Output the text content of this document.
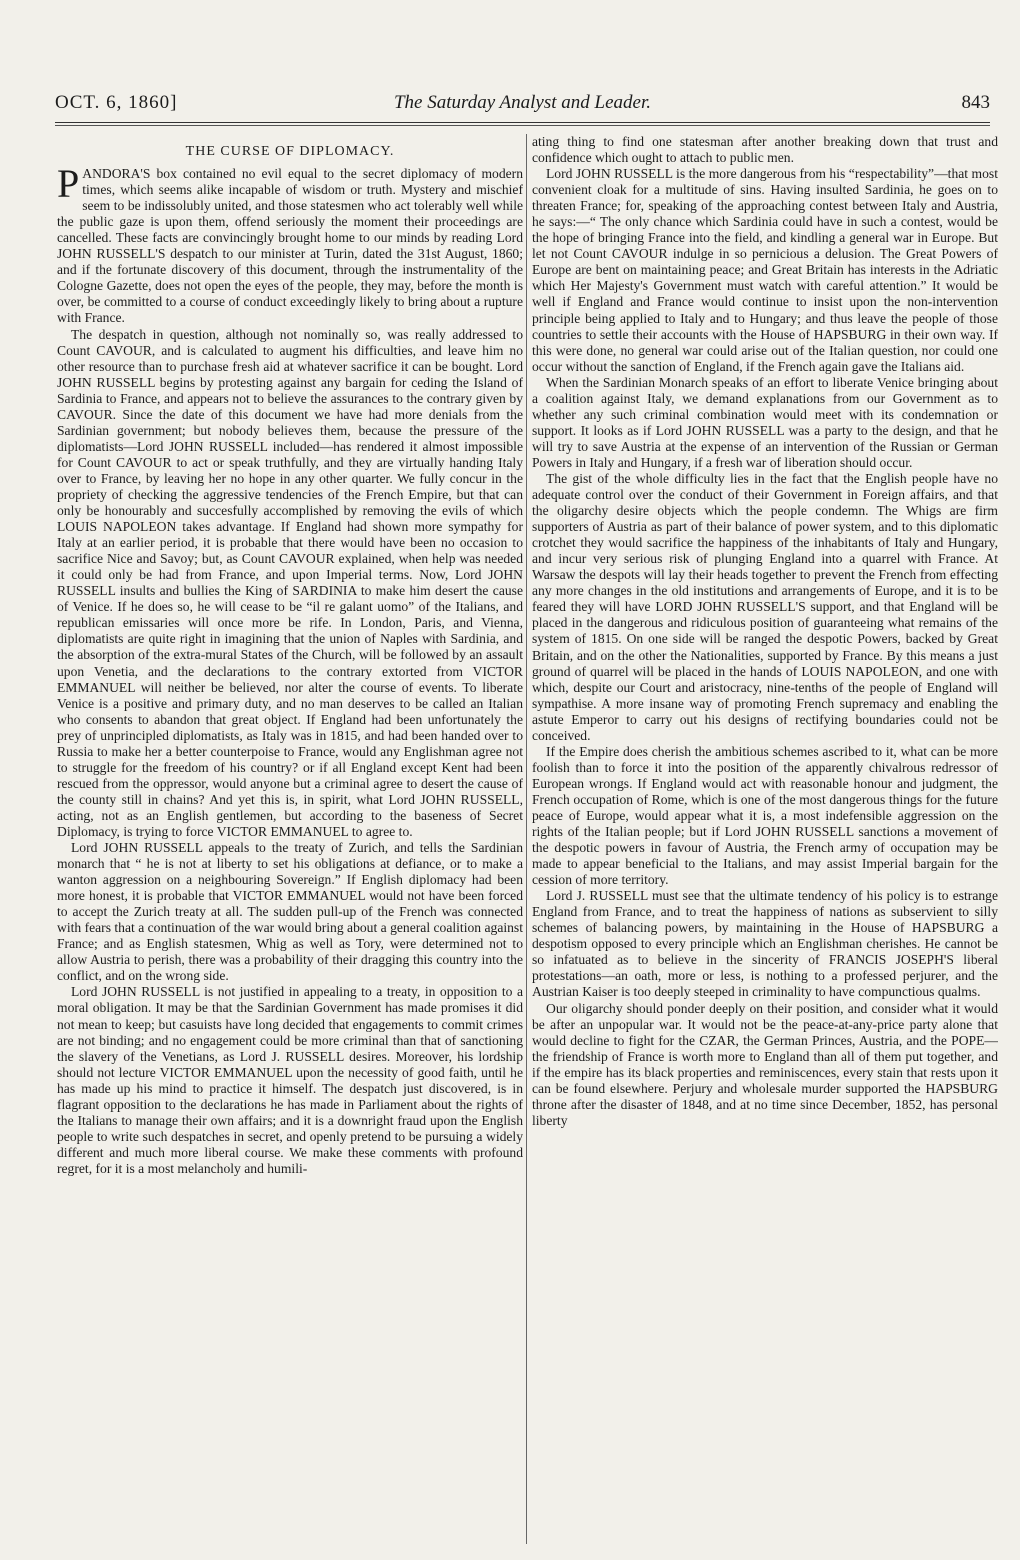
OCT. 6, 1860]	The Saturday Analyst and Leader.	843
THE CURSE OF DIPLOMACY.

PANDORA'S box contained no evil equal to the secret diplomacy of modern times, which seems alike incapable of wisdom or truth. Mystery and mischief seem to be indissolubly united, and those statesmen who act tolerably well while the public gaze is upon them, offend seriously the moment their proceedings are cancelled. These facts are convincingly brought home to our minds by reading Lord JOHN RUSSELL'S despatch to our minister at Turin, dated the 31st August, 1860; and if the fortunate discovery of this document, through the instrumentality of the Cologne Gazette, does not open the eyes of the people, they may, before the month is over, be committed to a course of conduct exceedingly likely to bring about a rupture with France.

The despatch in question, although not nominally so, was really addressed to Count CAVOUR, and is calculated to augment his difficulties, and leave him no other resource than to purchase fresh aid at whatever sacrifice it can be bought. Lord JOHN RUSSELL begins by protesting against any bargain for ceding the Island of Sardinia to France, and appears not to believe the assurances to the contrary given by CAVOUR. Since the date of this document we have had more denials from the Sardinian government; but nobody believes them, because the pressure of the diplomatists—Lord JOHN RUSSELL included—has rendered it almost impossible for Count CAVOUR to act or speak truthfully, and they are virtually handing Italy over to France, by leaving her no hope in any other quarter. We fully concur in the propriety of checking the aggressive tendencies of the French Empire, but that can only be honourably and succesfully accomplished by removing the evils of which LOUIS NAPOLEON takes advantage. If England had shown more sympathy for Italy at an earlier period, it is probable that there would have been no occasion to sacrifice Nice and Savoy; but, as Count CAVOUR explained, when help was needed it could only be had from France, and upon Imperial terms. Now, Lord JOHN RUSSELL insults and bullies the King of SARDINIA to make him desert the cause of Venice. If he does so, he will cease to be “il re galant uomo” of the Italians, and republican emissaries will once more be rife. In London, Paris, and Vienna, diplomatists are quite right in imagining that the union of Naples with Sardinia, and the absorption of the extra-mural States of the Church, will be followed by an assault upon Venetia, and the declarations to the contrary extorted from VICTOR EMMANUEL will neither be believed, nor alter the course of events. To liberate Venice is a positive and primary duty, and no man deserves to be called an Italian who consents to abandon that great object. If England had been unfortunately the prey of unprincipled diplomatists, as Italy was in 1815, and had been handed over to Russia to make her a better counterpoise to France, would any Englishman agree not to struggle for the freedom of his country? or if all England except Kent had been rescued from the oppressor, would anyone but a criminal agree to desert the cause of the county still in chains? And yet this is, in spirit, what Lord JOHN RUSSELL, acting, not as an English gentlemen, but according to the baseness of Secret Diplomacy, is trying to force VICTOR EMMANUEL to agree to.

Lord JOHN RUSSELL appeals to the treaty of Zurich, and tells the Sardinian monarch that “ he is not at liberty to set his obligations at defiance, or to make a wanton aggression on a neighbouring Sovereign.” If English diplomacy had been more honest, it is probable that VICTOR EMMANUEL would not have been forced to accept the Zurich treaty at all. The sudden pull-up of the French was connected with fears that a continuation of the war would bring about a general coalition against France; and as English statesmen, Whig as well as Tory, were determined not to allow Austria to perish, there was a probability of their dragging this country into the conflict, and on the wrong side.

Lord JOHN RUSSELL is not justified in appealing to a treaty, in opposition to a moral obligation. It may be that the Sardinian Government has made promises it did not mean to keep; but casuists have long decided that engagements to commit crimes are not binding; and no engagement could be more criminal than that of sanctioning the slavery of the Venetians, as Lord J. RUSSELL desires. Moreover, his lordship should not lecture VICTOR EMMANUEL upon the necessity of good faith, until he has made up his mind to practice it himself. The despatch just discovered, is in flagrant opposition to the declarations he has made in Parliament about the rights of the Italians to manage their own affairs; and it is a downright fraud upon the English people to write such despatches in secret, and openly pretend to be pursuing a widely different and much more liberal course. We make these comments with profound regret, for it is a most melancholy and humili-

ating thing to find one statesman after another breaking down that trust and confidence which ought to attach to public men.

Lord JOHN RUSSELL is the more dangerous from his “respectability”—that most convenient cloak for a multitude of sins. Having insulted Sardinia, he goes on to threaten France; for, speaking of the approaching contest between Italy and Austria, he says:—“ The only chance which Sardinia could have in such a contest, would be the hope of bringing France into the field, and kindling a general war in Europe. But let not Count CAVOUR indulge in so pernicious a delusion. The Great Powers of Europe are bent on maintaining peace; and Great Britain has interests in the Adriatic which Her Majesty's Government must watch with careful attention.” It would be well if England and France would continue to insist upon the non-intervention principle being applied to Italy and to Hungary; and thus leave the people of those countries to settle their accounts with the House of HAPSBURG in their own way. If this were done, no general war could arise out of the Italian question, nor could one occur without the sanction of England, if the French again gave the Italians aid.

When the Sardinian Monarch speaks of an effort to liberate Venice bringing about a coalition against Italy, we demand explanations from our Government as to whether any such criminal combination would meet with its condemnation or support. It looks as if Lord JOHN RUSSELL was a party to the design, and that he will try to save Austria at the expense of an intervention of the Russian or German Powers in Italy and Hungary, if a fresh war of liberation should occur.

The gist of the whole difficulty lies in the fact that the English people have no adequate control over the conduct of their Government in Foreign affairs, and that the oligarchy desire objects which the people condemn. The Whigs are firm supporters of Austria as part of their balance of power system, and to this diplomatic crotchet they would sacrifice the happiness of the inhabitants of Italy and Hungary, and incur very serious risk of plunging England into a quarrel with France. At Warsaw the despots will lay their heads together to prevent the French from effecting any more changes in the old institutions and arrangements of Europe, and it is to be feared they will have LORD JOHN RUSSELL'S support, and that England will be placed in the dangerous and ridiculous position of guaranteeing what remains of the system of 1815. On one side will be ranged the despotic Powers, backed by Great Britain, and on the other the Nationalities, supported by France. By this means a just ground of quarrel will be placed in the hands of LOUIS NAPOLEON, and one with which, despite our Court and aristocracy, nine-tenths of the people of England will sympathise. A more insane way of promoting French supremacy and enabling the astute Emperor to carry out his designs of rectifying boundaries could not be conceived.

If the Empire does cherish the ambitious schemes ascribed to it, what can be more foolish than to force it into the position of the apparently chivalrous redressor of European wrongs. If England would act with reasonable honour and judgment, the French occupation of Rome, which is one of the most dangerous things for the future peace of Europe, would appear what it is, a most indefensible aggression on the rights of the Italian people; but if Lord JOHN RUSSELL sanctions a movement of the despotic powers in favour of Austria, the French army of occupation may be made to appear beneficial to the Italians, and may assist Imperial bargain for the cession of more territory.

Lord J. RUSSELL must see that the ultimate tendency of his policy is to estrange England from France, and to treat the happiness of nations as subservient to silly schemes of balancing powers, by maintaining in the House of HAPSBURG a despotism opposed to every principle which an Englishman cherishes. He cannot be so infatuated as to believe in the sincerity of FRANCIS JOSEPH'S liberal protestations—an oath, more or less, is nothing to a professed perjurer, and the Austrian Kaiser is too deeply steeped in criminality to have compunctious qualms.

Our oligarchy should ponder deeply on their position, and consider what it would be after an unpopular war. It would not be the peace-at-any-price party alone that would decline to fight for the CZAR, the German Princes, Austria, and the POPE—the friendship of France is worth more to England than all of them put together, and if the empire has its black properties and reminiscences, every stain that rests upon it can be found elsewhere. Perjury and wholesale murder supported the HAPSBURG throne after the disaster of 1848, and at no time since December, 1852, has personal liberty
